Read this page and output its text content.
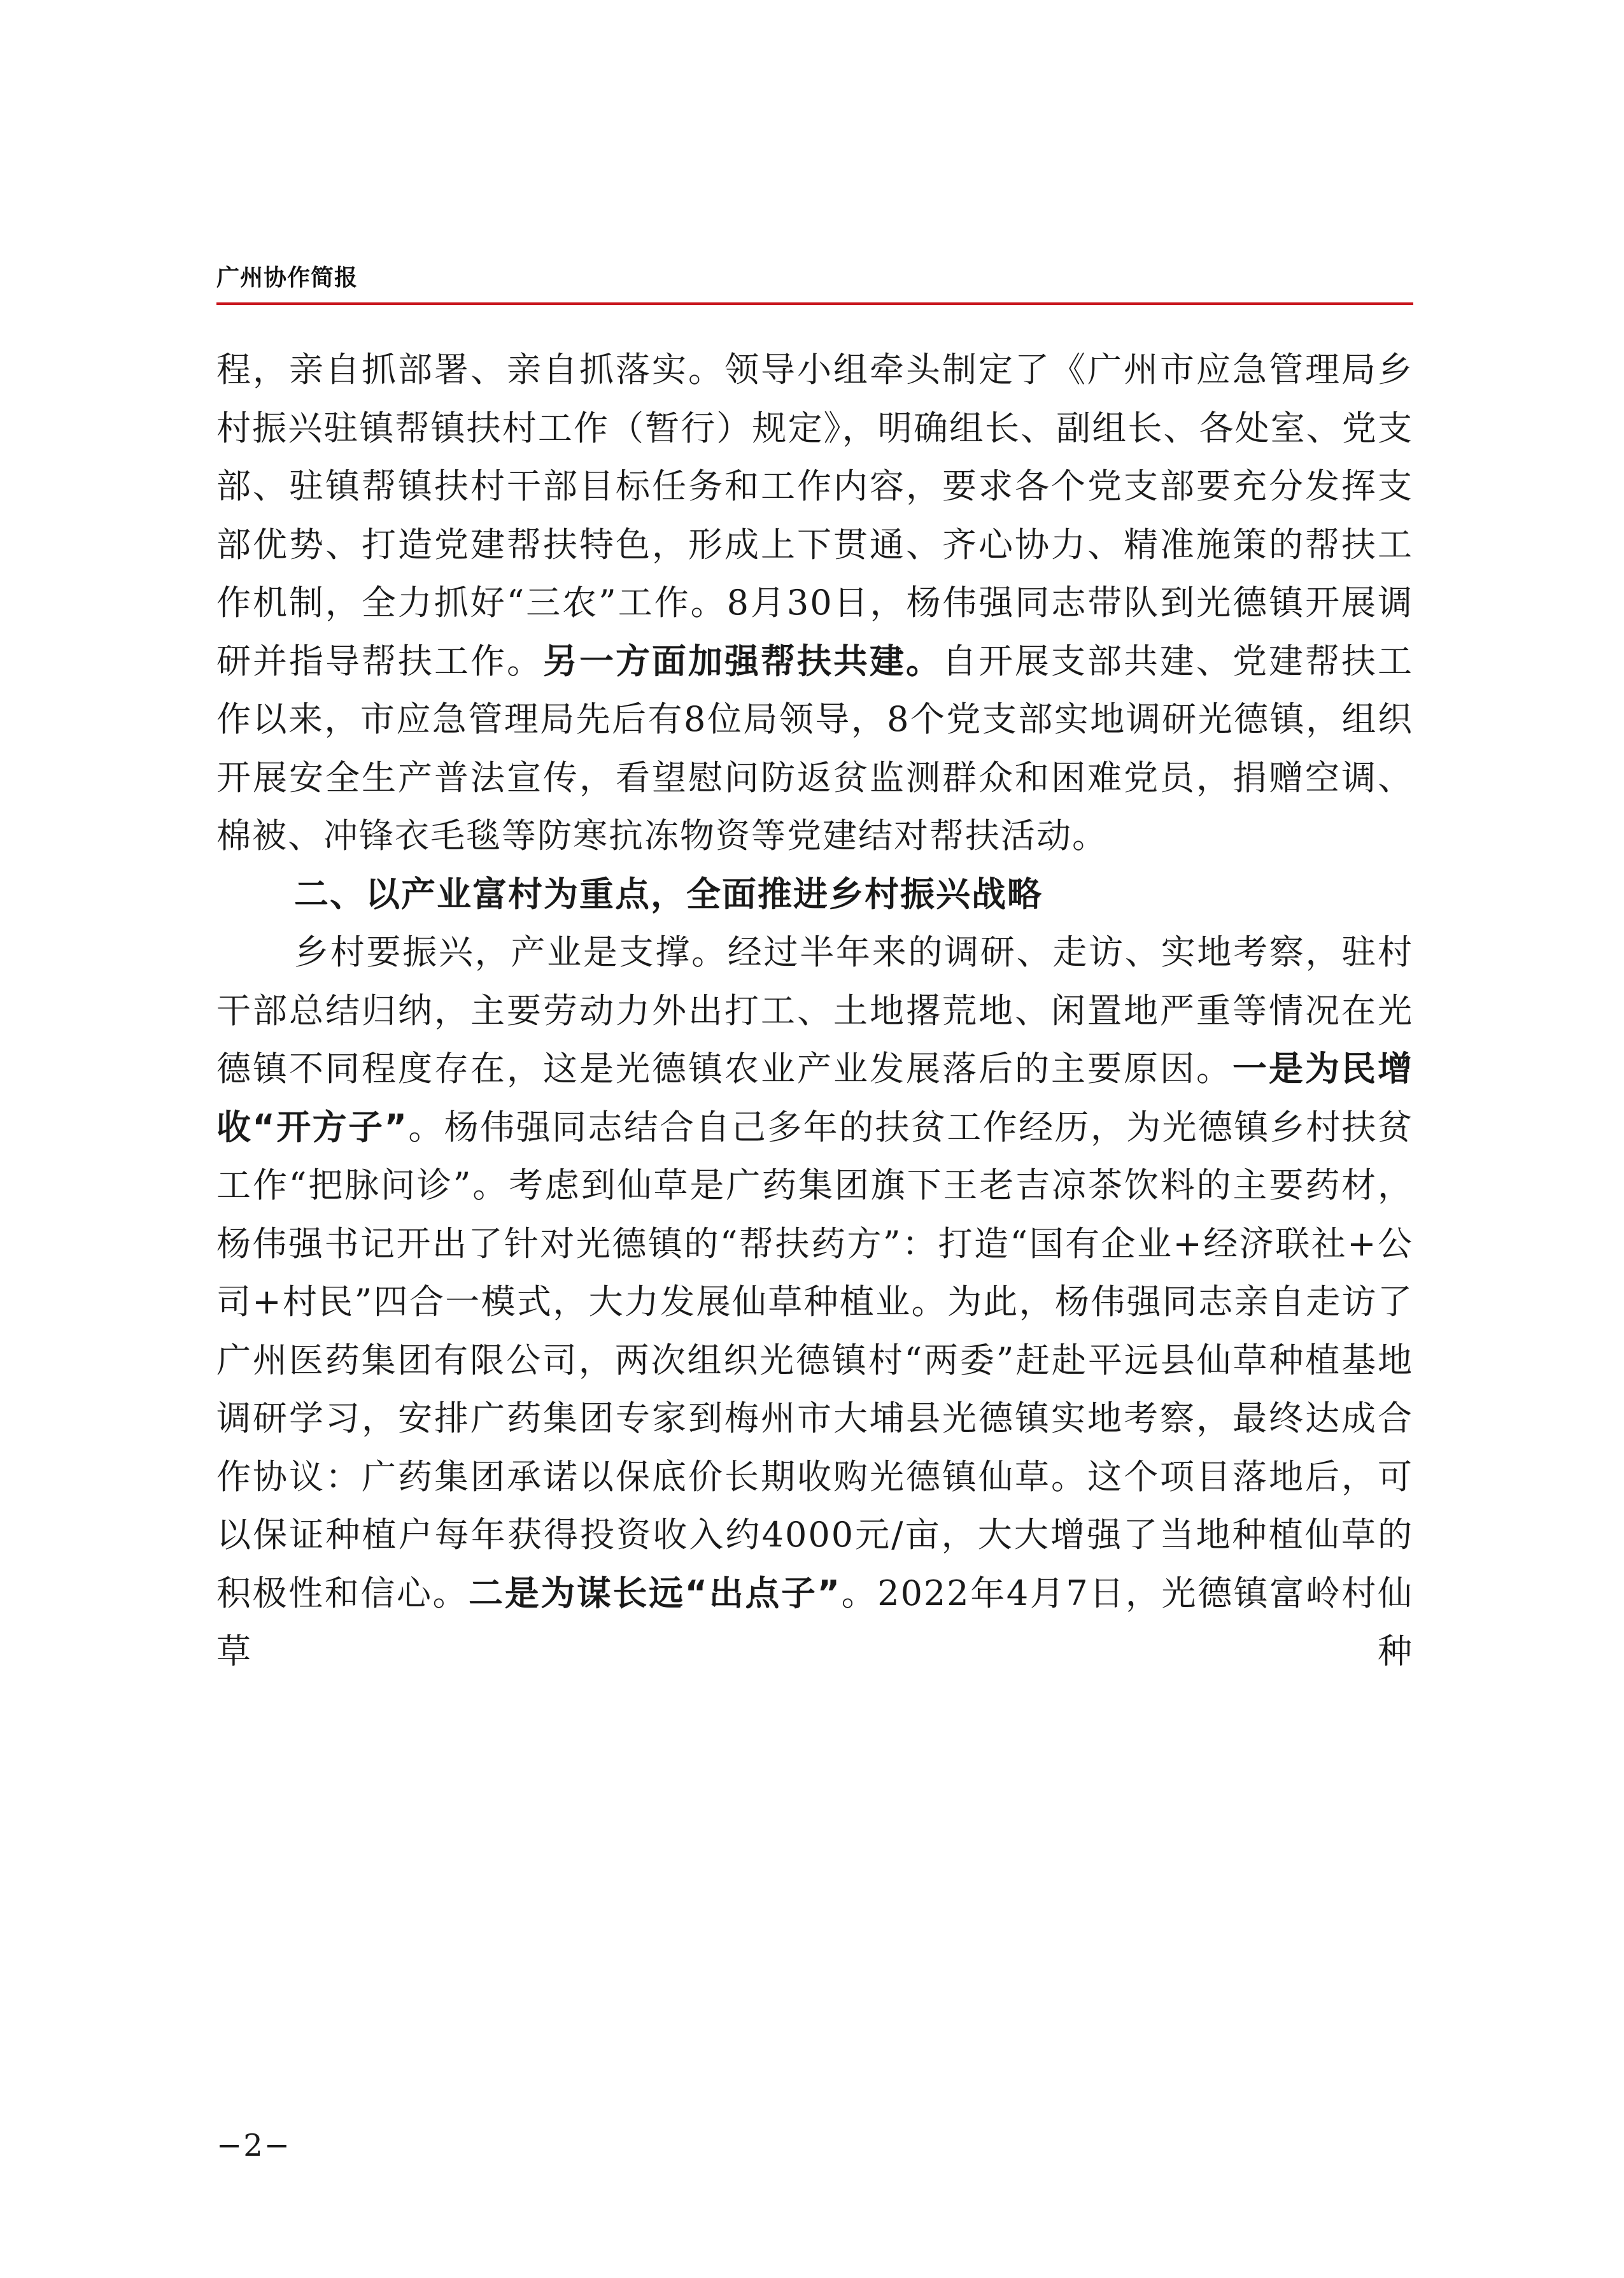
广州协作简报

程，亲自抓部署、亲自抓落实。领导小组牵头制定了《广州市应急管理局乡村振兴驻镇帮镇扶村工作（暂行）规定》，明确组长、副组长、各处室、党支部、驻镇帮镇扶村干部目标任务和工作内容，要求各个党支部要充分发挥支部优势、打造党建帮扶特色，形成上下贯通、齐心协力、精准施策的帮扶工作机制，全力抓好“三农”工作。8月30日，杨伟强同志带队到光德镇开展调研并指导帮扶工作。另一方面加强帮扶共建。自开展支部共建、党建帮扶工作以来，市应急管理局先后有8位局领导，8个党支部实地调研光德镇，组织开展安全生产普法宣传，看望慰问防返贫监测群众和困难党员，捐赠空调、棉被、冲锋衣毛毯等防寒抗冻物资等党建结对帮扶活动。

二、以产业富村为重点，全面推进乡村振兴战略

乡村要振兴，产业是支撑。经过半年来的调研、走访、实地考察，驻村干部总结归纳，主要劳动力外出打工、土地撂荒地、闲置地严重等情况在光德镇不同程度存在，这是光德镇农业产业发展落后的主要原因。一是为民增收“开方子”。杨伟强同志结合自己多年的扶贫工作经历，为光德镇乡村扶贫工作“把脉问诊”。考虑到仙草是广药集团旗下王老吉凉茶饮料的主要药材，杨伟强书记开出了针对光德镇的“帮扶药方”：打造“国有企业+经济联社+公司+村民”四合一模式，大力发展仙草种植业。为此，杨伟强同志亲自走访了广州医药集团有限公司，两次组织光德镇村“两委”赶赴平远县仙草种植基地调研学习，安排广药集团专家到梅州市大埔县光德镇实地考察，最终达成合作协议：广药集团承诺以保底价长期收购光德镇仙草。这个项目落地后，可以保证种植户每年获得投资收入约4000元/亩，大大增强了当地种植仙草的积极性和信心。二是为谋长远“出点子”。2022年4月7日，光德镇富岭村仙草种

−2−
